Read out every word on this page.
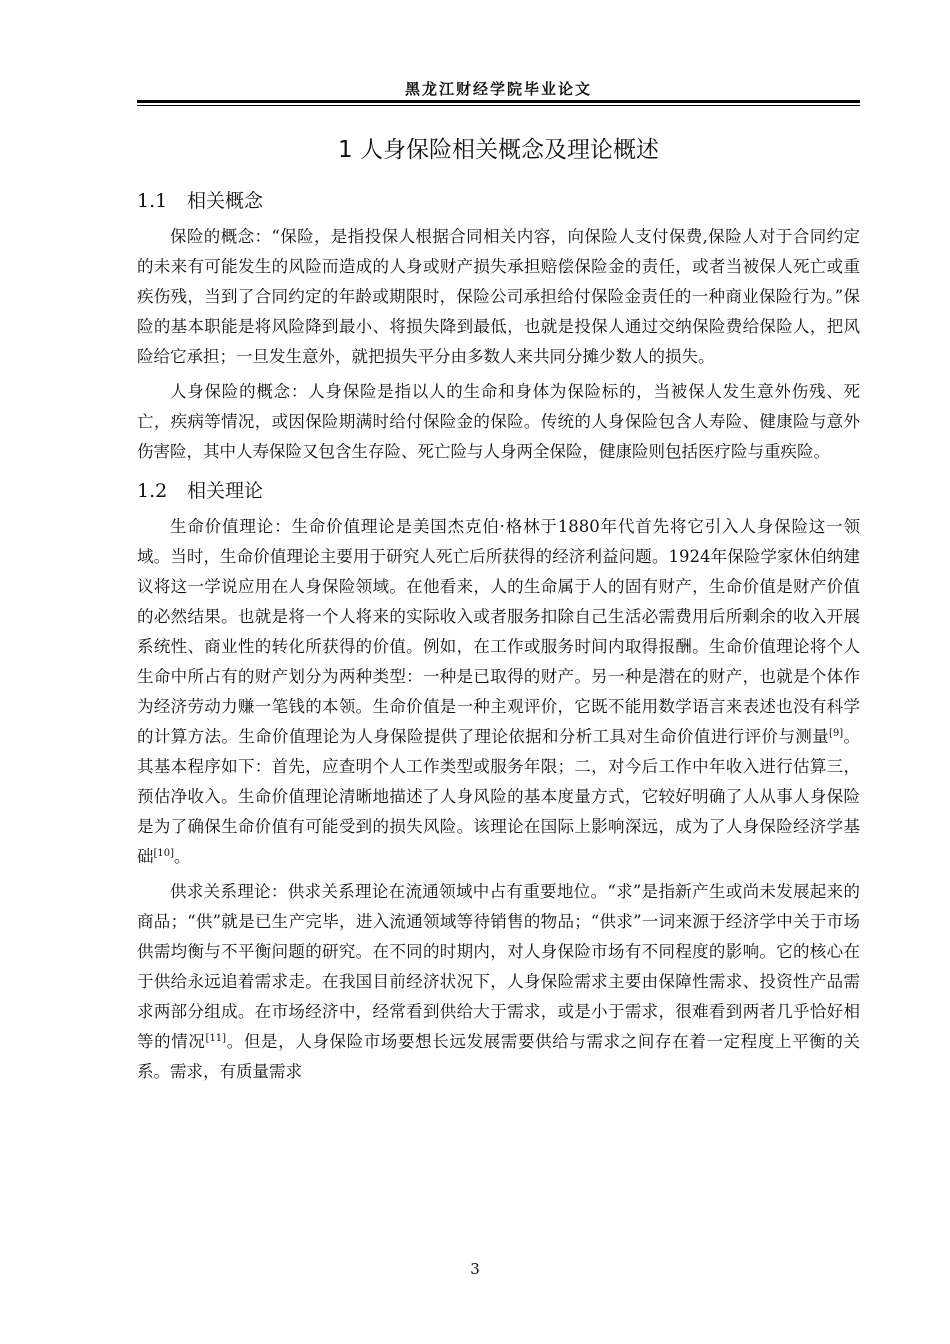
黑龙江财经学院毕业论文
1 人身保险相关概念及理论概述
1.1 相关概念

保险的概念：“保险，是指投保人根据合同相关内容，向保险人支付保费,保险人对于合同约定的未来有可能发生的风险而造成的人身或财产损失承担赔偿保险金的责任，或者当被保人死亡或重疾伤残，当到了合同约定的年龄或期限时，保险公司承担给付保险金责任的一种商业保险行为。”保险的基本职能是将风险降到最小、将损失降到最低，也就是投保人通过交纳保险费给保险人，把风险给它承担；一旦发生意外，就把损失平分由多数人来共同分摊少数人的损失。

人身保险的概念：人身保险是指以人的生命和身体为保险标的，当被保人发生意外伤残、死亡，疾病等情况，或因保险期满时给付保险金的保险。传统的人身保险包含人寿险、健康险与意外伤害险，其中人寿保险又包含生存险、死亡险与人身两全保险，健康险则包括医疗险与重疾险。

1.2 相关理论

生命价值理论：生命价值理论是美国杰克伯·格林于1880年代首先将它引入人身保险这一领域。当时，生命价值理论主要用于研究人死亡后所获得的经济利益问题。1924年保险学家休伯纳建议将这一学说应用在人身保险领域。在他看来，人的生命属于人的固有财产，生命价值是财产价值的必然结果。也就是将一个人将来的实际收入或者服务扣除自己生活必需费用后所剩余的收入开展系统性、商业性的转化所获得的价值。例如，在工作或服务时间内取得报酬。生命价值理论将个人生命中所占有的财产划分为两种类型：一种是已取得的财产。另一种是潜在的财产，也就是个体作为经济劳动力赚一笔钱的本领。生命价值是一种主观评价，它既不能用数学语言来表述也没有科学的计算方法。生命价值理论为人身保险提供了理论依据和分析工具对生命价值进行评价与测量[9]。其基本程序如下：首先，应查明个人工作类型或服务年限；二，对今后工作中年收入进行估算三，预估净收入。生命价值理论清晰地描述了人身风险的基本度量方式，它较好明确了人从事人身保险是为了确保生命价值有可能受到的损失风险。该理论在国际上影响深远，成为了人身保险经济学基础[10]。

供求关系理论：供求关系理论在流通领域中占有重要地位。“求”是指新产生或尚未发展起来的商品；“供”就是已生产完毕，进入流通领域等待销售的物品；“供求”一词来源于经济学中关于市场供需均衡与不平衡问题的研究。在不同的时期内，对人身保险市场有不同程度的影响。它的核心在于供给永远追着需求走。在我国目前经济状况下，人身保险需求主要由保障性需求、投资性产品需求两部分组成。在市场经济中，经常看到供给大于需求，或是小于需求，很难看到两者几乎恰好相等的情况[11]。但是，人身保险市场要想长远发展需要供给与需求之间存在着一定程度上平衡的关系。需求，有质量需求

3
